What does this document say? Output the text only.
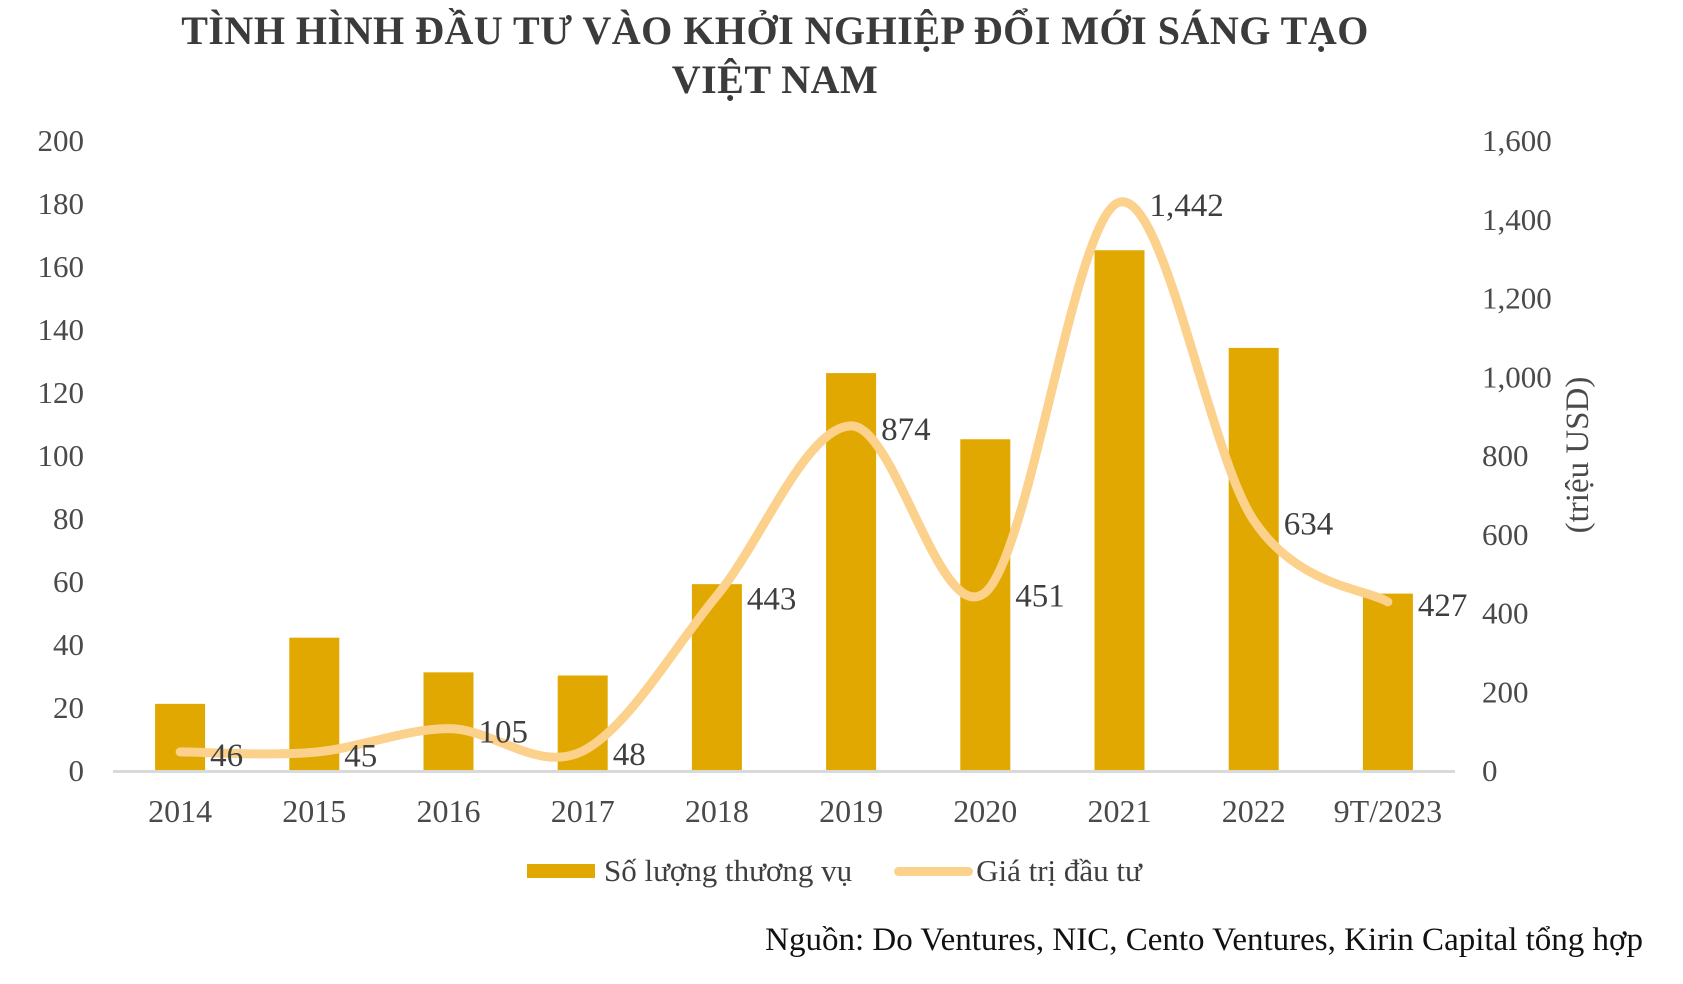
TÌNH HÌNH ĐẦU TƯ VÀO KHỞI NGHIỆP ĐỔI MỚI SÁNG TẠO
VIỆT NAM
0
20
40
60
80
100
120
140
160
180
200
0
200
400
600
800
1,000
1,200
1,400
1,600
(triệu USD)
2014 2015 2016 2017 2018 2019 2020 2021 2022 9T/2023
46	45
105
48
443
874
451
1,442
634
427
Số lượng thương vụ	Giá trị đầu tư
Nguồn: Do Ventures, NIC, Cento Ventures, Kirin Capital tổng hợp
